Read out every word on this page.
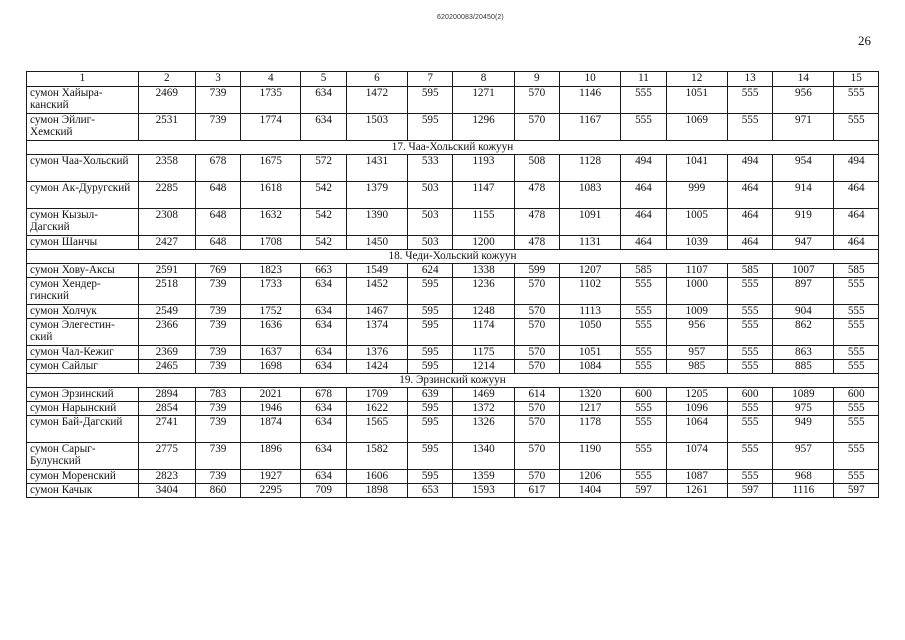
620200083/20450(2)
26
1	2	3	4	5	6	7	8	9	10	11	12	13	14	15
сумон Хайыра-канский	2469	739	1735	634	1472	595	1271	570	1146	555	1051	555	956	555
сумон Эйлиг-Хемский	2531	739	1774	634	1503	595	1296	570	1167	555	1069	555	971	555
17. Чаа-Хольский кожуун														
сумон Чаа-Хольский	2358	678	1675	572	1431	533	1193	508	1128	494	1041	494	954	494
сумон Ак-Дуругский	2285	648	1618	542	1379	503	1147	478	1083	464	999	464	914	464
сумон Кызыл-Дагский	2308	648	1632	542	1390	503	1155	478	1091	464	1005	464	919	464
сумон Шанчы	2427	648	1708	542	1450	503	1200	478	1131	464	1039	464	947	464
18. Чеди-Хольский кожуун														
сумон Хову-Аксы	2591	769	1823	663	1549	624	1338	599	1207	585	1107	585	1007	585
сумон Хендер-гинский	2518	739	1733	634	1452	595	1236	570	1102	555	1000	555	897	555
сумон Холчук	2549	739	1752	634	1467	595	1248	570	1113	555	1009	555	904	555
сумон Элегестин-ский	2366	739	1636	634	1374	595	1174	570	1050	555	956	555	862	555
сумон Чал-Кежиг	2369	739	1637	634	1376	595	1175	570	1051	555	957	555	863	555
сумон Сайлыг	2465	739	1698	634	1424	595	1214	570	1084	555	985	555	885	555
19. Эрзинский кожуун														
сумон Эрзинский	2894	783	2021	678	1709	639	1469	614	1320	600	1205	600	1089	600
сумон Нарынский	2854	739	1946	634	1622	595	1372	570	1217	555	1096	555	975	555
сумон Бай-Дагский	2741	739	1874	634	1565	595	1326	570	1178	555	1064	555	949	555
сумон Сарыг-Булунский	2775	739	1896	634	1582	595	1340	570	1190	555	1074	555	957	555
сумон Моренский	2823	739	1927	634	1606	595	1359	570	1206	555	1087	555	968	555
сумон Качык	3404	860	2295	709	1898	653	1593	617	1404	597	1261	597	1116	597
